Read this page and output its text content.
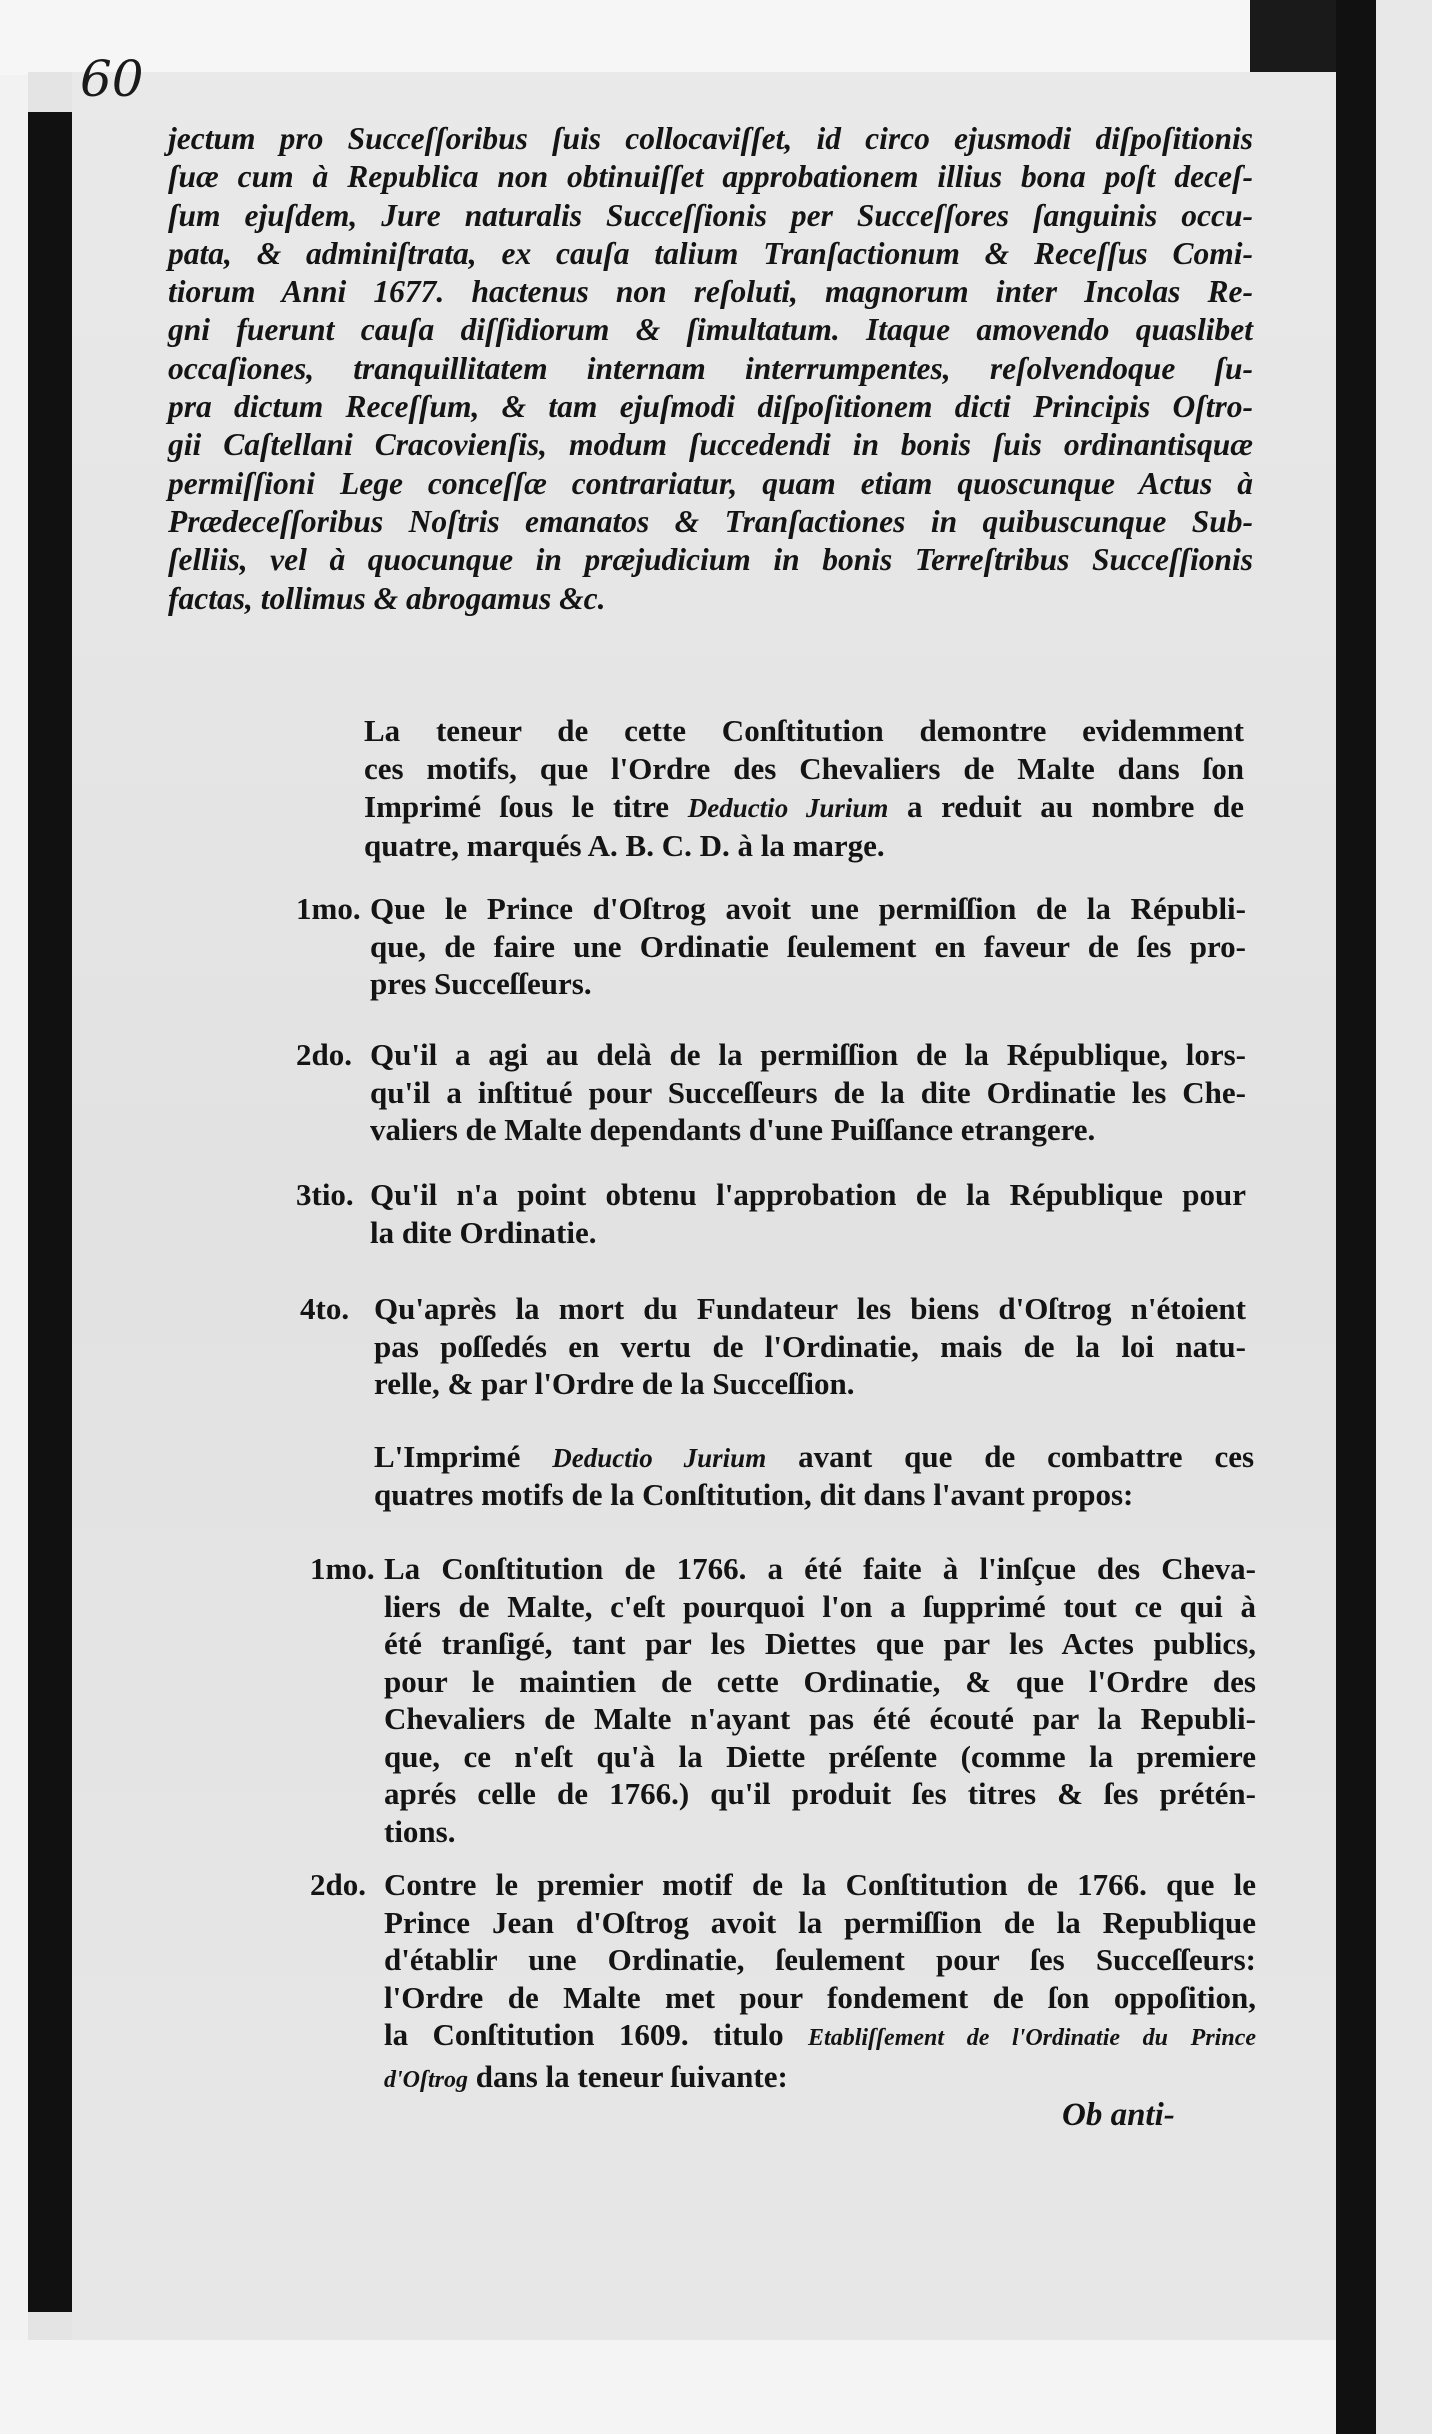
60
jectum pro Succeſſoribus ſuis collocaviſſet, id circo ejusmodi diſpoſitionis
ſuæ cum à Republica non obtinuiſſet approbationem illius bona poſt deceſ-
ſum ejuſdem, Jure naturalis Succeſſionis per Succeſſores ſanguinis occu-
pata, & adminiſtrata, ex cauſa talium Tranſactionum & Receſſus Comi-
tiorum Anni 1677. hactenus non reſoluti, magnorum inter Incolas Re-
gni fuerunt cauſa diſſidiorum & ſimultatum. Itaque amovendo quaslibet
occaſiones, tranquillitatem internam interrumpentes, reſolvendoque ſu-
pra dictum Receſſum, & tam ejuſmodi diſpoſitionem dicti Principis Oſtro-
gii Caſtellani Cracovienſis, modum ſuccedendi in bonis ſuis ordinantisquæ
permiſſioni Lege conceſſæ contrariatur, quam etiam quoscunque Actus à
Prædeceſſoribus Noſtris emanatos & Tranſactiones in quibuscunque Sub-
ſelliis, vel à quocunque in præjudicium in bonis Terreſtribus Succeſſionis
factas, tollimus & abrogamus &c.
La teneur de cette Conſtitution demontre evidemment
ces motifs, que l'Ordre des Chevaliers de Malte dans ſon
Imprimé ſous le titre Deductio Jurium a reduit au nombre de
quatre, marqués A. B. C. D. à la marge.
1mo. Que le Prince d'Oſtrog avoit une permiſſion de la Républi-
que, de faire une Ordinatie ſeulement en faveur de ſes pro-
pres Succeſſeurs.
2do. Qu'il a agi au delà de la permiſſion de la République, lors-
qu'il a inſtitué pour Succeſſeurs de la dite Ordinatie les Che-
valiers de Malte dependants d'une Puiſſance etrangere.
3tio. Qu'il n'a point obtenu l'approbation de la République pour
la dite Ordinatie.
4to. Qu'après la mort du Fundateur les biens d'Oſtrog n'étoient
pas poſſedés en vertu de l'Ordinatie, mais de la loi natu-
relle, & par l'Ordre de la Succeſſion.
L'Imprimé Deductio Jurium avant que de combattre ces
quatres motifs de la Conſtitution, dit dans l'avant propos:
1mo. La Conſtitution de 1766. a été faite à l'inſçue des Cheva-
liers de Malte, c'eſt pourquoi l'on a ſupprimé tout ce qui à
été tranſigé, tant par les Diettes que par les Actes publics,
pour le maintien de cette Ordinatie, & que l'Ordre des
Chevaliers de Malte n'ayant pas été écouté par la Republi-
que, ce n'eſt qu'à la Diette préſente (comme la premiere
aprés celle de 1766.) qu'il produit ſes titres & ſes prétén-
tions.
2do. Contre le premier motif de la Conſtitution de 1766. que le
Prince Jean d'Oſtrog avoit la permiſſion de la Republique
d'établir une Ordinatie, ſeulement pour ſes Succeſſeurs:
l'Ordre de Malte met pour fondement de ſon oppoſition,
la Conſtitution 1609. titulo Etabliſſement de l'Ordinatie du Prince
d'Oſtrog dans la teneur ſuivante:
Ob anti-
